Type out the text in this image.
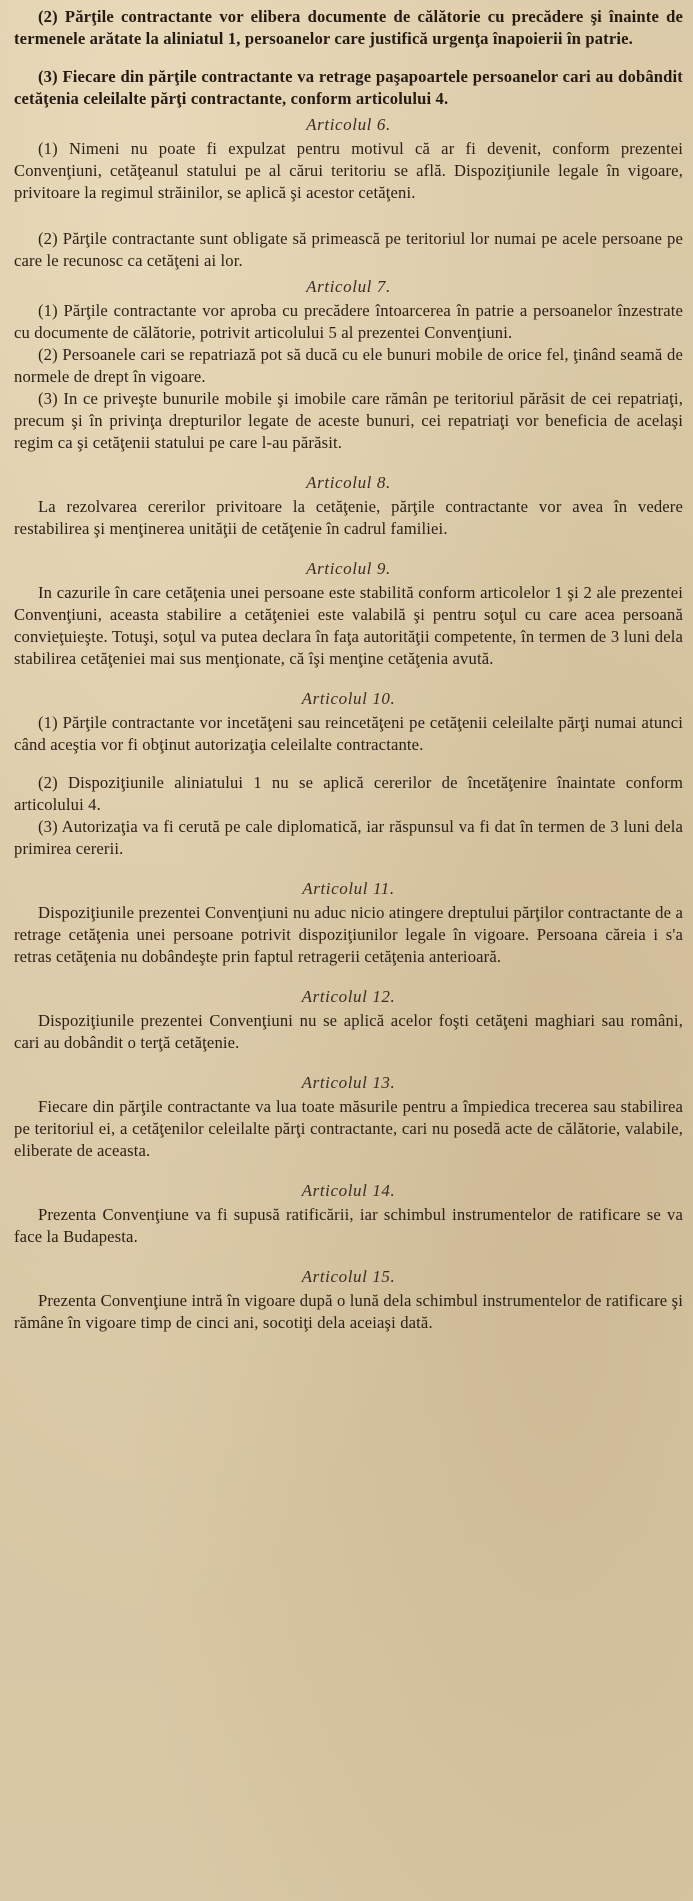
(2) Părţile contractante vor elibera documente de călătorie cu precădere şi înainte de termenele arătate la aliniatul 1, persoanelor care justifică urgenţa înapoierii în patrie.

(3) Fiecare din părţile contractante va retrage paşapoartele persoanelor cari au dobândit cetăţenia celeilalte părţi contractante, conform articolului 4.

Articolul 6.

(1) Nimeni nu poate fi expulzat pentru motivul că ar fi devenit, conform prezentei Convenţiuni, cetăţeanul statului pe al cărui teritoriu se află. Dispoziţiunile legale în vigoare, privitoare la regimul străinilor, se aplică şi acestor cetăţeni.

(2) Părţile contractante sunt obligate să primească pe teritoriul lor numai pe acele persoane pe care le recunosc ca cetăţeni ai lor.

Articolul 7.

(1) Părţile contractante vor aproba cu precădere întoarcerea în patrie a persoanelor înzestrate cu documente de călătorie, potrivit articolului 5 al prezentei Convenţiuni.

(2) Persoanele cari se repatriază pot să ducă cu ele bunuri mobile de orice fel, ţinând seamă de normele de drept în vigoare.

(3) In ce priveşte bunurile mobile şi imobile care rămân pe teritoriul părăsit de cei repatriaţi, precum şi în privinţa drepturilor legate de aceste bunuri, cei repatriaţi vor beneficia de acelaşi regim ca şi cetăţenii statului pe care l-au părăsit.

Articolul 8.

La rezolvarea cererilor privitoare la cetăţenie, părţile contractante vor avea în vedere restabilirea şi menţinerea unităţii de cetăţenie în cadrul familiei.

Articolul 9.

In cazurile în care cetăţenia unei persoane este stabilită conform articolelor 1 şi 2 ale prezentei Convenţiuni, aceasta stabilire a cetăţeniei este valabilă şi pentru soţul cu care acea persoană convieţuieşte. Totuşi, soţul va putea declara în faţa autorităţii competente, în termen de 3 luni dela stabilirea cetăţeniei mai sus menţionate, că îşi menţine cetăţenia avută.

Articolul 10.

(1) Părţile contractante vor incetăţeni sau reincetăţeni pe cetăţenii celeilalte părţi numai atunci când aceştia vor fi obţinut autorizaţia celeilalte contractante.

(2) Dispoziţiunile aliniatului 1 nu se aplică cererilor de încetăţenire înaintate conform articolului 4.

(3) Autorizaţia va fi cerută pe cale diplomatică, iar răspunsul va fi dat în termen de 3 luni dela primirea cererii.

Articolul 11.

Dispoziţiunile prezentei Convenţiuni nu aduc niciо atingere dreptului părţilor contractante de a retrage cetăţenia unei persoane potrivit dispoziţiunilor legale în vigoare. Persoana căreia i s'a retras cetăţenia nu dobândeşte prin faptul retragerii cetăţenia anterioară.

Articolul 12.

Dispoziţiunile prezentei Convenţiuni nu se aplică acelor foşti cetăţeni maghiari sau români, cari au dobândit o terţă cetăţenie.

Articolul 13.

Fiecare din părţile contractante va lua toate măsurile pentru a împiedica trecerea sau stabilirea pe teritoriul ei, a cetăţenilor celeilalte părţi contractante, cari nu posedă acte de călătorie, valabile, eliberate de aceasta.

Articolul 14.

Prezenta Convenţiune va fi supusă ratificării, iar schimbul instrumentelor de ratificare se va face la Budapesta.

Articolul 15.

Prezenta Convenţiune intră în vigoare după o lună dela schimbul instrumentelor de ratificare şi rămâne în vigoare timp de cinci ani, socotiţi dela aceiaşi dată.
